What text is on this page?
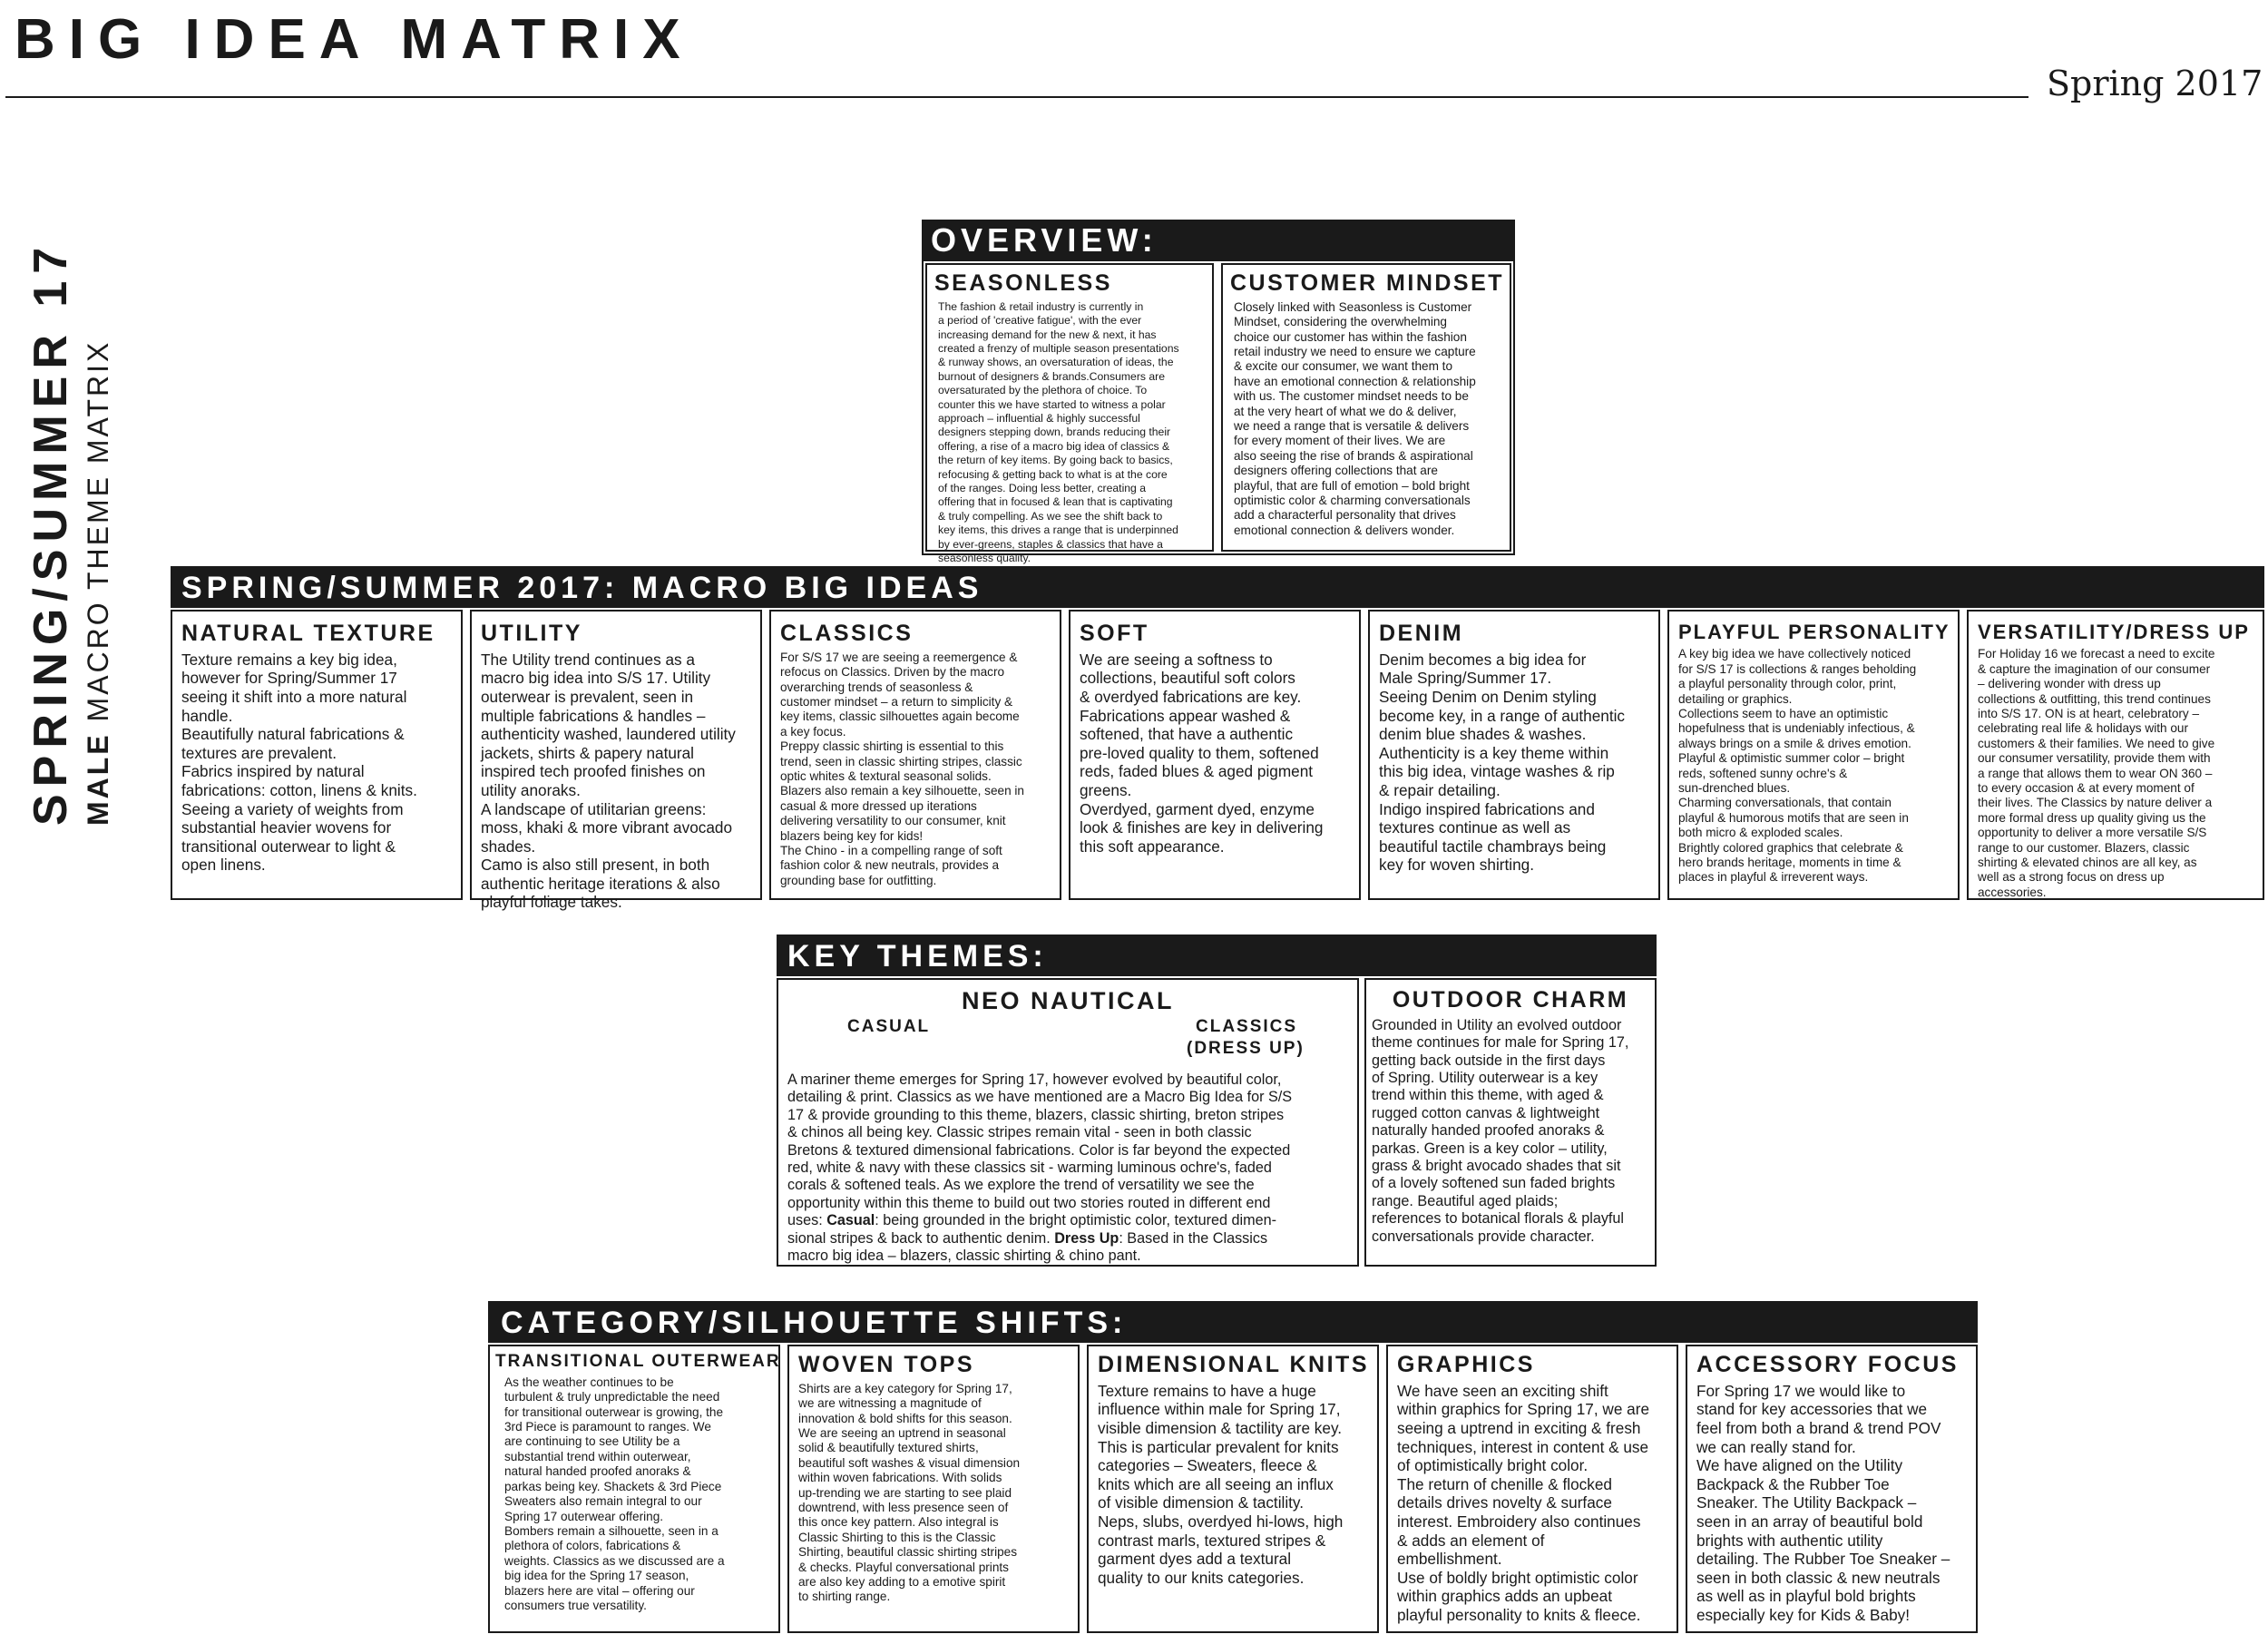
BIG IDEA MATRIX
Spring 2017
SPRING/SUMMER 17 MALE MACRO THEME MATRIX
OVERVIEW:
SEASONLESS
The fashion & retail industry is currently in
a period of 'creative fatigue', with the ever
increasing demand for the new & next, it has
created a frenzy of multiple season presentations
& runway shows, an oversaturation of ideas, the
burnout of designers & brands.Consumers are
oversaturated by the plethora of choice. To
counter this we have started to witness a polar
approach – influential & highly successful
designers stepping down, brands reducing their
offering, a rise of a macro big idea of classics &
the return of key items. By going back to basics,
refocusing & getting back to what is at the core
of the ranges. Doing less better, creating a
offering that in focused & lean that is captivating
& truly compelling. As we see the shift back to
key items, this drives a range that is underpinned
by ever-greens, staples & classics that have a
seasonless quality.
CUSTOMER MINDSET
Closely linked with Seasonless is Customer
Mindset, considering the overwhelming
choice our customer has within the fashion
retail industry we need to ensure we capture
& excite our consumer, we want them to
have an emotional connection & relationship
with us. The customer mindset needs to be
at the very heart of what we do & deliver,
we need a range that is versatile & delivers
for every moment of their lives. We are
also seeing the rise of brands & aspirational
designers offering collections that are
playful, that are full of emotion – bold bright
optimistic color & charming conversationals
add a characterful personality that drives
emotional connection & delivers wonder.
SPRING/SUMMER 2017: MACRO BIG IDEAS
NATURAL TEXTURE
Texture remains a key big idea,
however for Spring/Summer 17
seeing it shift into a more natural
handle.
Beautifully natural fabrications &
textures are prevalent.
Fabrics inspired by natural
fabrications: cotton, linens & knits.
Seeing a variety of weights from
substantial heavier wovens for
transitional outerwear to light &
open linens.
UTILITY
The Utility trend continues as a
macro big idea into S/S 17. Utility
outerwear is prevalent, seen in
multiple fabrications & handles –
authenticity washed, laundered utility
jackets, shirts & papery natural
inspired tech proofed finishes on
utility anoraks.
A landscape of utilitarian greens:
moss, khaki & more vibrant avocado
shades.
Camo is also still present, in both
authentic heritage iterations & also
playful foliage takes.
CLASSICS
For S/S 17 we are seeing a reemergence &
refocus on Classics. Driven by the macro
overarching trends of seasonless &
customer mindset – a return to simplicity &
key items, classic silhouettes again become
a key focus.
Preppy classic shirting is essential to this
trend, seen in classic shirting stripes, classic
optic whites & textural seasonal solids.
Blazers also remain a key silhouette, seen in
casual & more dressed up iterations
delivering versatility to our consumer, knit
blazers being key for kids!
The Chino - in a compelling range of soft
fashion color & new neutrals, provides a
grounding base for outfitting.
SOFT
We are seeing a softness to
collections, beautiful soft colors
& overdyed fabrications are key.
Fabrications appear washed &
softened, that have a authentic
pre-loved quality to them, softened
reds, faded blues & aged pigment
greens.
Overdyed, garment dyed, enzyme
look & finishes are key in delivering
this soft appearance.
DENIM
Denim becomes a big idea for
Male Spring/Summer 17.
Seeing Denim on Denim styling
become key, in a range of authentic
denim blue shades & washes.
Authenticity is a key theme within
this big idea, vintage washes & rip
& repair detailing.
Indigo inspired fabrications and
textures continue as well as
beautiful tactile chambrays being
key for woven shirting.
PLAYFUL PERSONALITY
A key big idea we have collectively noticed
for S/S 17 is collections & ranges beholding
a playful personality through color, print,
detailing or graphics.
Collections seem to have an optimistic
hopefulness that is undeniably infectious, &
always brings on a smile & drives emotion.
Playful & optimistic summer color – bright
reds, softened sunny ochre's &
sun-drenched blues.
Charming conversationals, that contain
playful & humorous motifs that are seen in
both micro & exploded scales.
Brightly colored graphics that celebrate &
hero brands heritage, moments in time &
places in playful & irreverent ways.
VERSATILITY/DRESS UP
For Holiday 16 we forecast a need to excite
& capture the imagination of our consumer
– delivering wonder with dress up
collections & outfitting, this trend continues
into S/S 17. ON is at heart, celebratory –
celebrating real life & holidays with our
customers & their families. We need to give
our consumer versatility, provide them with
a range that allows them to wear ON 360 –
to every occasion & at every moment of
their lives. The Classics by nature deliver a
more formal dress up quality giving us the
opportunity to deliver a more versatile S/S
range to our customer. Blazers, classic
shirting & elevated chinos are all key, as
well as a strong focus on dress up
accessories.
KEY THEMES:
NEO NAUTICAL
CASUAL	CLASSICS
(DRESS UP)
A mariner theme emerges for Spring 17, however evolved by beautiful color,
detailing & print. Classics as we have mentioned are a Macro Big Idea for S/S
17 & provide grounding to this theme, blazers, classic shirting, breton stripes
& chinos all being key. Classic stripes remain vital - seen in both classic
Bretons & textured dimensional fabrications. Color is far beyond the expected
red, white & navy with these classics sit - warming luminous ochre's, faded
corals & softened teals. As we explore the trend of versatility we see the
opportunity within this theme to build out two stories routed in different end
uses: Casual: being grounded in the bright optimistic color, textured dimen-
sional stripes & back to authentic denim. Dress Up: Based in the Classics
macro big idea – blazers, classic shirting & chino pant.
OUTDOOR CHARM
Grounded in Utility an evolved outdoor
theme continues for male for Spring 17,
getting back outside in the first days
of Spring. Utility outerwear is a key
trend within this theme, with aged &
rugged cotton canvas & lightweight
naturally handed proofed anoraks &
parkas. Green is a key color – utility,
grass & bright avocado shades that sit
of a lovely softened sun faded brights
range. Beautiful aged plaids;
references to botanical florals & playful
conversationals provide character.
CATEGORY/SILHOUETTE SHIFTS:
TRANSITIONAL OUTERWEAR
As the weather continues to be
turbulent & truly unpredictable the need
for transitional outerwear is growing, the
3rd Piece is paramount to ranges. We
are continuing to see Utility be a
substantial trend within outerwear,
natural handed proofed anoraks &
parkas being key. Shackets & 3rd Piece
Sweaters also remain integral to our
Spring 17 outerwear offering.
Bombers remain a silhouette, seen in a
plethora of colors, fabrications &
weights. Classics as we discussed are a
big idea for the Spring 17 season,
blazers here are vital – offering our
consumers true versatility.
WOVEN TOPS
Shirts are a key category for Spring 17,
we are witnessing a magnitude of
innovation & bold shifts for this season.
We are seeing an uptrend in seasonal
solid & beautifully textured shirts,
beautiful soft washes & visual dimension
within woven fabrications. With solids
up-trending we are starting to see plaid
downtrend, with less presence seen of
this once key pattern. Also integral is
Classic Shirting to this is the Classic
Shirting, beautiful classic shirting stripes
& checks. Playful conversational prints
are also key adding to a emotive spirit
to shirting range.
DIMENSIONAL KNITS
Texture remains to have a huge
influence within male for Spring 17,
visible dimension & tactility are key.
This is particular prevalent for knits
categories – Sweaters, fleece &
knits which are all seeing an influx
of visible dimension & tactility.
Neps, slubs, overdyed hi-lows, high
contrast marls, textured stripes &
garment dyes add a textural
quality to our knits categories.
GRAPHICS
We have seen an exciting shift
within graphics for Spring 17, we are
seeing a uptrend in exciting & fresh
techniques, interest in content & use
of optimistically bright color.
The return of chenille & flocked
details drives novelty & surface
interest. Embroidery also continues
& adds an element of
embellishment.
Use of boldly bright optimistic color
within graphics adds an upbeat
playful personality to knits & fleece.
ACCESSORY FOCUS
For Spring 17 we would like to
stand for key accessories that we
feel from both a brand & trend POV
we can really stand for.
We have aligned on the Utility
Backpack & the Rubber Toe
Sneaker. The Utility Backpack –
seen in an array of beautiful bold
brights with authentic utility
detailing. The Rubber Toe Sneaker –
seen in both classic & new neutrals
as well as in playful bold brights
especially key for Kids & Baby!
